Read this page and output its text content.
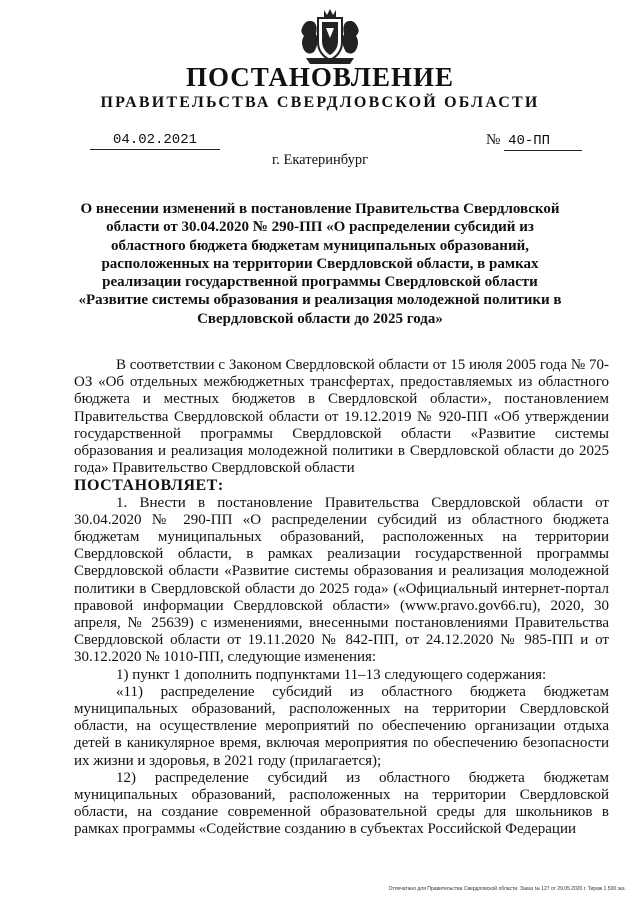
ПОСТАНОВЛЕНИЕ
ПРАВИТЕЛЬСТВА СВЕРДЛОВСКОЙ ОБЛАСТИ
04.02.2021	№ 40-ПП
г. Екатеринбург
О внесении изменений в постановление Правительства Свердловской области от 30.04.2020 № 290-ПП «О распределении субсидий из областного бюджета бюджетам муниципальных образований, расположенных на территории Свердловской области, в рамках реализации государственной программы Свердловской области «Развитие системы образования и реализация молодежной политики в Свердловской области до 2025 года»

В соответствии с Законом Свердловской области от 15 июля 2005 года № 70-ОЗ «Об отдельных межбюджетных трансфертах, предоставляемых из областного бюджета и местных бюджетов в Свердловской области», постановлением Правительства Свердловской области от 19.12.2019 № 920-ПП «Об утверждении государственной программы Свердловской области «Развитие системы образования и реализация молодежной политики в Свердловской области до 2025 года» Правительство Свердловской области

ПОСТАНОВЛЯЕТ:

1. Внести в постановление Правительства Свердловской области от 30.04.2020 № 290-ПП «О распределении субсидий из областного бюджета бюджетам муниципальных образований, расположенных на территории Свердловской области, в рамках реализации государственной программы Свердловской области «Развитие системы образования и реализация молодежной политики в Свердловской области до 2025 года» («Официальный интернет-портал правовой информации Свердловской области» (www.pravo.gov66.ru), 2020, 30 апреля, № 25639) с изменениями, внесенными постановлениями Правительства Свердловской области от 19.11.2020 № 842-ПП, от 24.12.2020 № 985-ПП и от 30.12.2020 № 1010-ПП, следующие изменения:

1) пункт 1 дополнить подпунктами 11–13 следующего содержания:

«11) распределение субсидий из областного бюджета бюджетам муниципальных образований, расположенных на территории Свердловской области, на осуществление мероприятий по обеспечению организации отдыха детей в каникулярное время, включая мероприятия по обеспечению безопасности их жизни и здоровья, в 2021 году (прилагается);

12) распределение субсидий из областного бюджета бюджетам муниципальных образований, расположенных на территории Свердловской области, на создание современной образовательной среды для школьников в рамках программы «Содействие созданию в субъектах Российской Федерации

Отпечатано для Правительства Свердловской области. Заказ № 127 от 29.05.2020 г. Тираж 1 500 экз.
